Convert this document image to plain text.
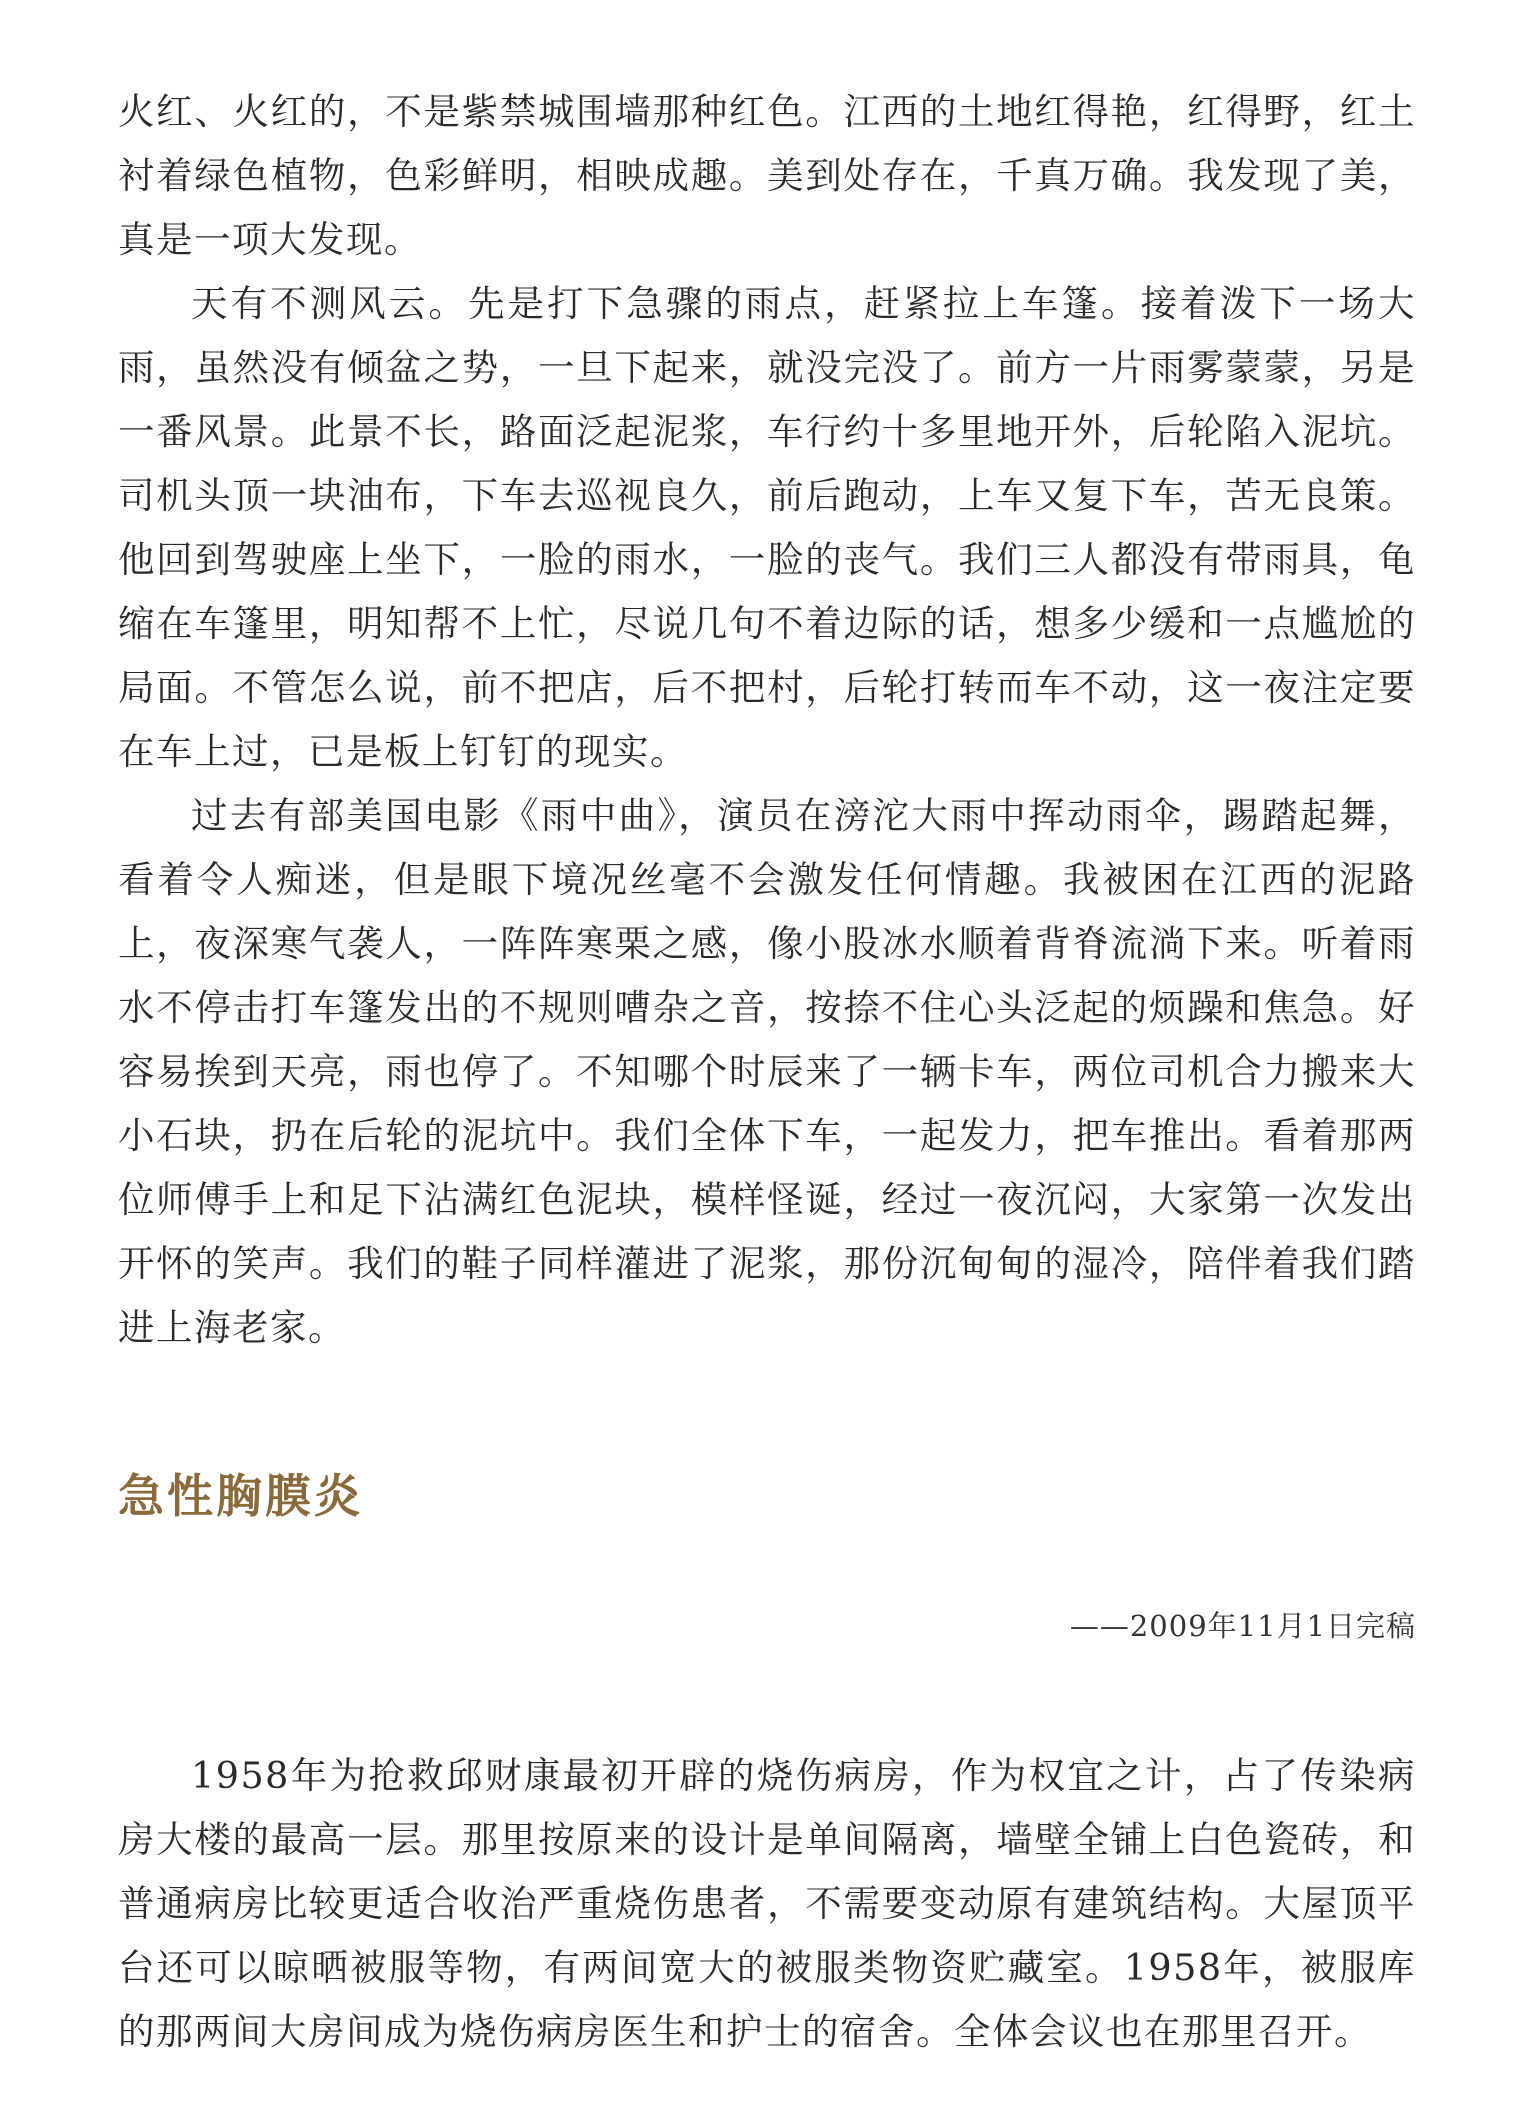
火红、火红的，不是紫禁城围墙那种红色。江西的土地红得艳，红得野，红土衬着绿色植物，色彩鲜明，相映成趣。美到处存在，千真万确。我发现了美，真是一项大发现。

天有不测风云。先是打下急骤的雨点，赶紧拉上车篷。接着泼下一场大雨，虽然没有倾盆之势，一旦下起来，就没完没了。前方一片雨雾蒙蒙，另是一番风景。此景不长，路面泛起泥浆，车行约十多里地开外，后轮陷入泥坑。司机头顶一块油布，下车去巡视良久，前后跑动，上车又复下车，苦无良策。他回到驾驶座上坐下，一脸的雨水，一脸的丧气。我们三人都没有带雨具，龟缩在车篷里，明知帮不上忙，尽说几句不着边际的话，想多少缓和一点尴尬的局面。不管怎么说，前不把店，后不把村，后轮打转而车不动，这一夜注定要在车上过，已是板上钉钉的现实。

过去有部美国电影《雨中曲》，演员在滂沱大雨中挥动雨伞，踢踏起舞，看着令人痴迷，但是眼下境况丝毫不会激发任何情趣。我被困在江西的泥路上，夜深寒气袭人，一阵阵寒栗之感，像小股冰水顺着背脊流淌下来。听着雨水不停击打车篷发出的不规则嘈杂之音，按捺不住心头泛起的烦躁和焦急。好容易挨到天亮，雨也停了。不知哪个时辰来了一辆卡车，两位司机合力搬来大小石块，扔在后轮的泥坑中。我们全体下车，一起发力，把车推出。看着那两位师傅手上和足下沾满红色泥块，模样怪诞，经过一夜沉闷，大家第一次发出开怀的笑声。我们的鞋子同样灌进了泥浆，那份沉甸甸的湿冷，陪伴着我们踏进上海老家。

急性胸膜炎

——2009年11月1日完稿

1958年为抢救邱财康最初开辟的烧伤病房，作为权宜之计，占了传染病房大楼的最高一层。那里按原来的设计是单间隔离，墙壁全铺上白色瓷砖，和普通病房比较更适合收治严重烧伤患者，不需要变动原有建筑结构。大屋顶平台还可以晾晒被服等物，有两间宽大的被服类物资贮藏室。1958年，被服库的那两间大房间成为烧伤病房医生和护士的宿舍。全体会议也在那里召开。
